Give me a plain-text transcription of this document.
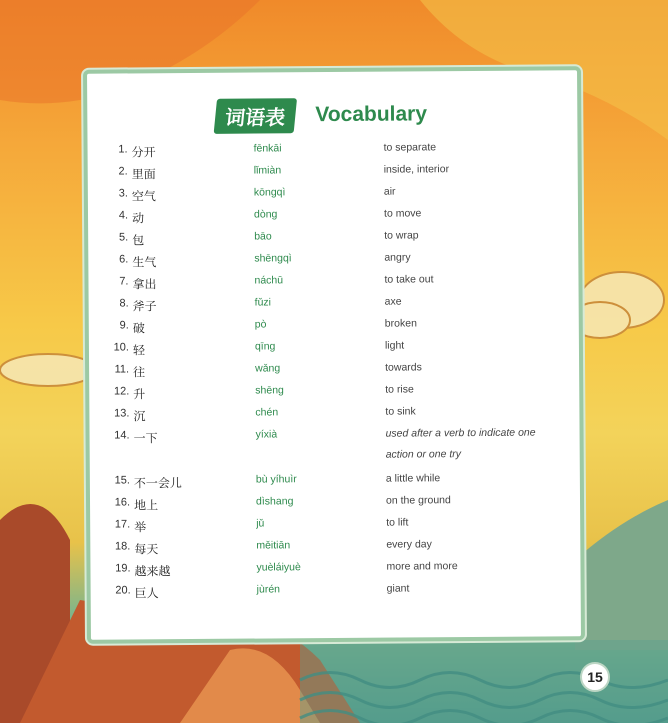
词语表	Vocabulary
1. 分开	fēnkāi	to separate
2. 里面	lǐmiàn	inside, interior
3. 空气	kōngqì	air
4. 动	dòng	to move
5. 包	bāo	to wrap
6. 生气	shēngqì	angry
7. 拿出	náchū	to take out
8. 斧子	fǔzi	axe
9. 破	pò	broken
10. 轻	qīng	light
11. 往	wǎng	towards
12. 升	shēng	to rise
13. 沉	chén	to sink
14. 一下	yíxià	used after a verb to indicate one action or one try
15. 不一会儿	bù yíhuìr	a little while
16. 地上	dìshang	on the ground
17. 举	jǔ	to lift
18. 每天	měitiān	every day
19. 越来越	yuèláiyuè	more and more
20. 巨人	jùrén	giant
15
